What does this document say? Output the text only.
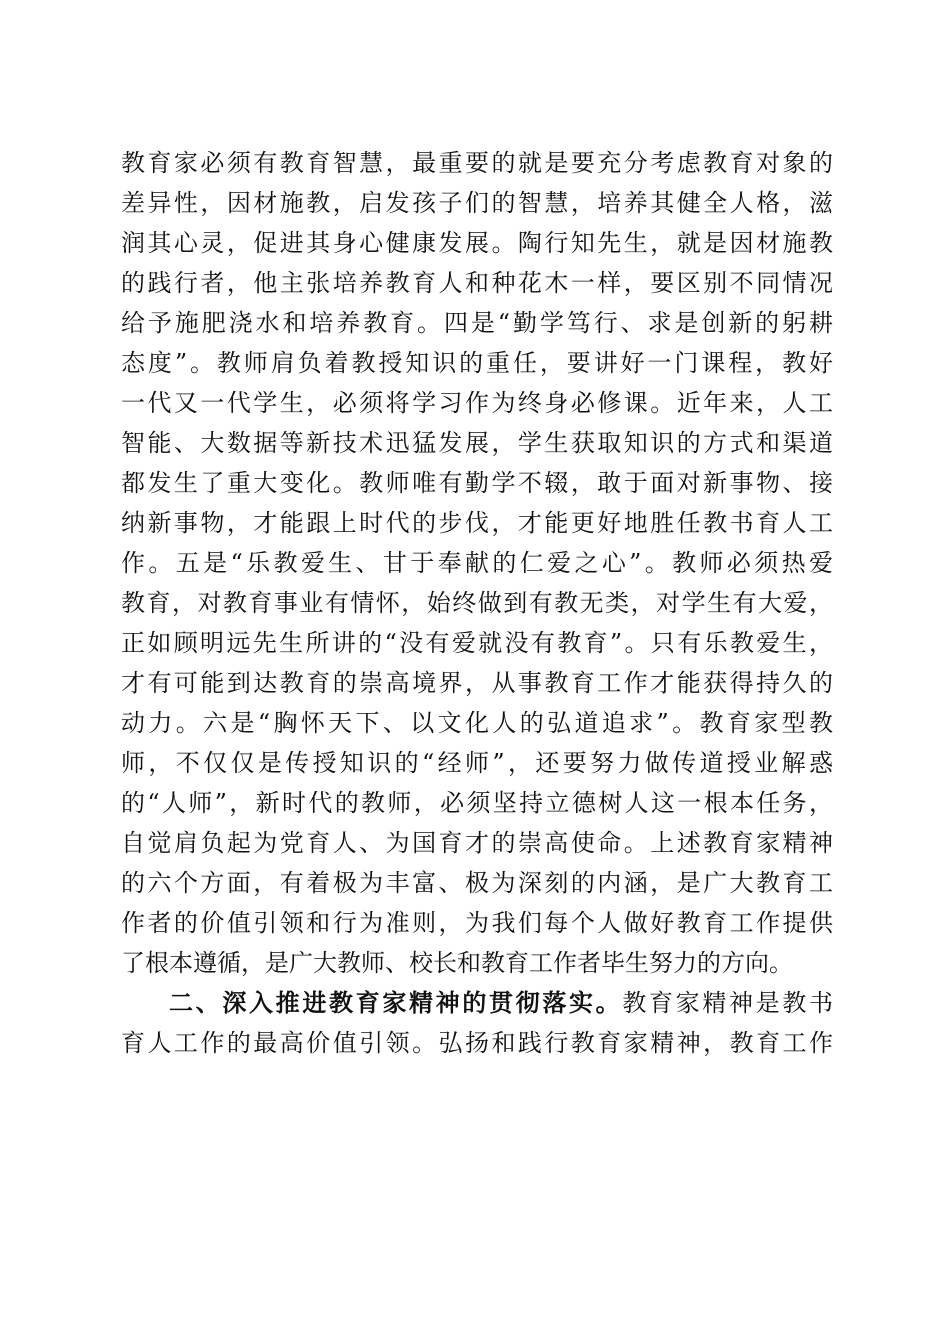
教育家必须有教育智慧，最重要的就是要充分考虑教育对象的
差异性，因材施教，启发孩子们的智慧，培养其健全人格，滋
润其心灵，促进其身心健康发展。陶行知先生，就是因材施教
的践行者，他主张培养教育人和种花木一样，要区别不同情况
给予施肥浇水和培养教育。四是“勤学笃行、求是创新的躬耕
态度”。教师肩负着教授知识的重任，要讲好一门课程，教好
一代又一代学生，必须将学习作为终身必修课。近年来，人工
智能、大数据等新技术迅猛发展，学生获取知识的方式和渠道
都发生了重大变化。教师唯有勤学不辍，敢于面对新事物、接
纳新事物，才能跟上时代的步伐，才能更好地胜任教书育人工
作。五是“乐教爱生、甘于奉献的仁爱之心”。教师必须热爱
教育，对教育事业有情怀，始终做到有教无类，对学生有大爱，
正如顾明远先生所讲的“没有爱就没有教育”。只有乐教爱生，
才有可能到达教育的崇高境界，从事教育工作才能获得持久的
动力。六是“胸怀天下、以文化人的弘道追求”。教育家型教
师，不仅仅是传授知识的“经师”，还要努力做传道授业解惑
的“人师”，新时代的教师，必须坚持立德树人这一根本任务，
自觉肩负起为党育人、为国育才的崇高使命。上述教育家精神
的六个方面，有着极为丰富、极为深刻的内涵，是广大教育工
作者的价值引领和行为准则，为我们每个人做好教育工作提供
了根本遵循，是广大教师、校长和教育工作者毕生努力的方向。
二、深入推进教育家精神的贯彻落实。教育家精神是教书
育人工作的最高价值引领。弘扬和践行教育家精神，教育工作
